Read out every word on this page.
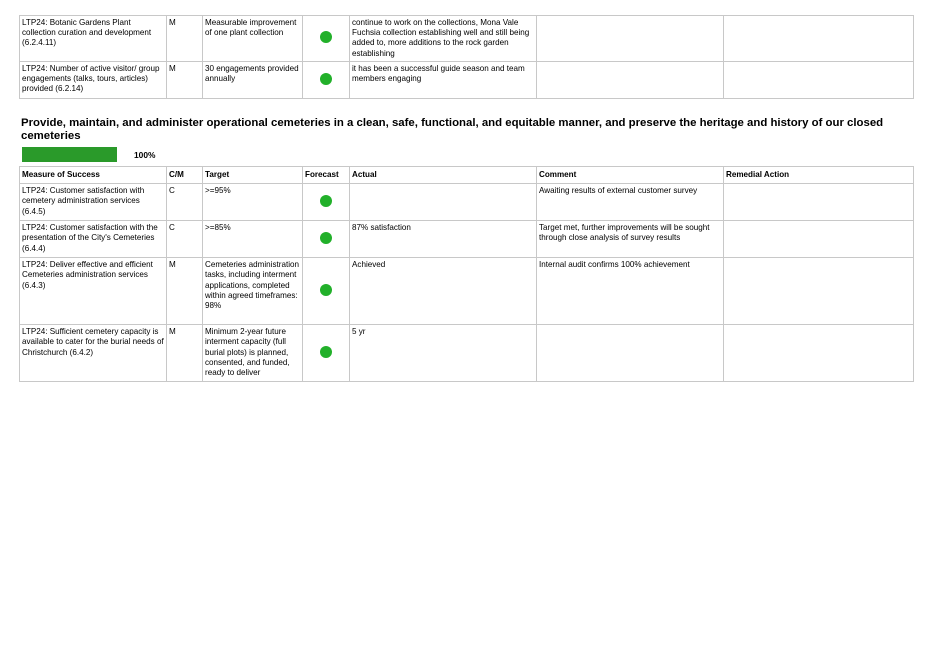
LTP24: Botanic Gardens Plant collection curation and development (6.2.4.11)	M	Measurable improvement of one plant collection		continue to work on the collections, Mona Vale Fuchsia collection establishing well and still being added to, more additions to the rock garden establishing		
LTP24: Number of active visitor/ group engagements (talks, tours, articles) provided (6.2.14)	M	30 engagements provided annually		it has been a successful guide season and team members engaging		
Provide, maintain, and administer operational cemeteries in a clean, safe, functional, and equitable manner, and preserve the heritage and history of our closed cemeteries
100%
Measure of Success	C/M	Target	Forecast	Actual	Comment	Remedial Action
LTP24: Customer satisfaction with cemetery administration services (6.4.5)	C	>=95%			Awaiting results of external customer survey	
LTP24: Customer satisfaction with the presentation of the City's Cemeteries (6.4.4)	C	>=85%		87% satisfaction	Target met, further improvements will be sought through close analysis of survey results	
LTP24: Deliver effective and efficient Cemeteries administration services (6.4.3)	M	Cemeteries administration tasks, including interment applications, completed within agreed timeframes: 98%		Achieved	Internal audit confirms 100% achievement	
LTP24: Sufficient cemetery capacity is available to cater for the burial needs of Christchurch (6.4.2)	M	Minimum 2-year future interment capacity (full burial plots) is planned, consented, and funded, ready to deliver		5 yr		
